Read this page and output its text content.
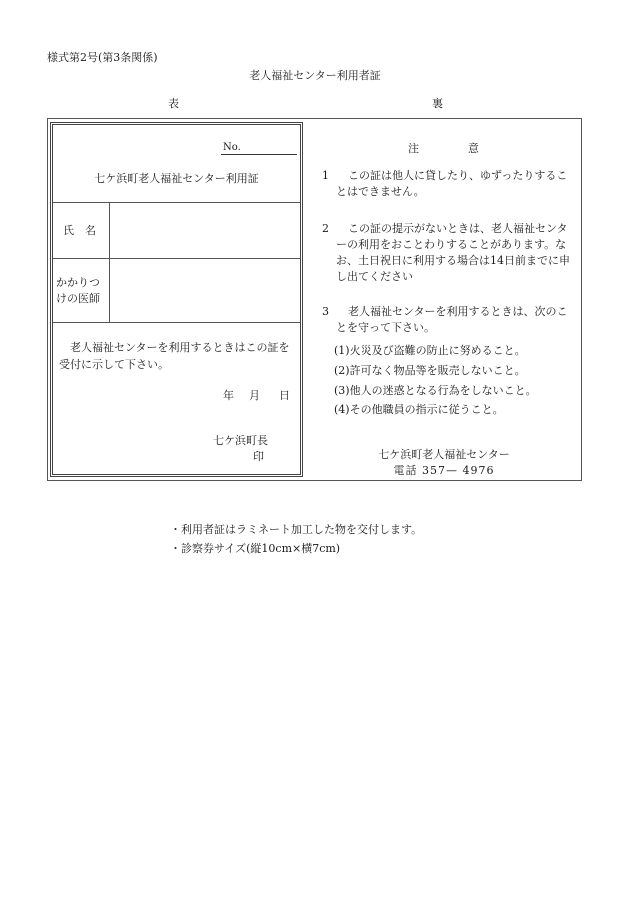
様式第2号(第3条関係)
老人福祉センター利用者証
表	裏
No.
七ケ浜町老人福祉センター利用証
氏　名
かかりつ
けの医師
老人福祉センターを利用するときはこの証を受付に示して下さい。
年 月 日
七ケ浜町長印
注　　　　意
1	この証は他人に貸したり、ゆずったりすることはできません。
2	この証の提示がないときは、老人福祉センターの利用をおことわりすることがあります。なお、土日祝日に利用する場合は14日前までに申し出てください
3	老人福祉センターを利用するときは、次のことを守って下さい。
(1)火災及び盗難の防止に努めること。
(2)許可なく物品等を販売しないこと。
(3)他人の迷惑となる行為をしないこと。
(4)その他職員の指示に従うこと。
七ケ浜町老人福祉センター
電話 357— 4976
・利用者証はラミネート加工した物を交付します。
・診察券サイズ(縦10cm×横7cm)
